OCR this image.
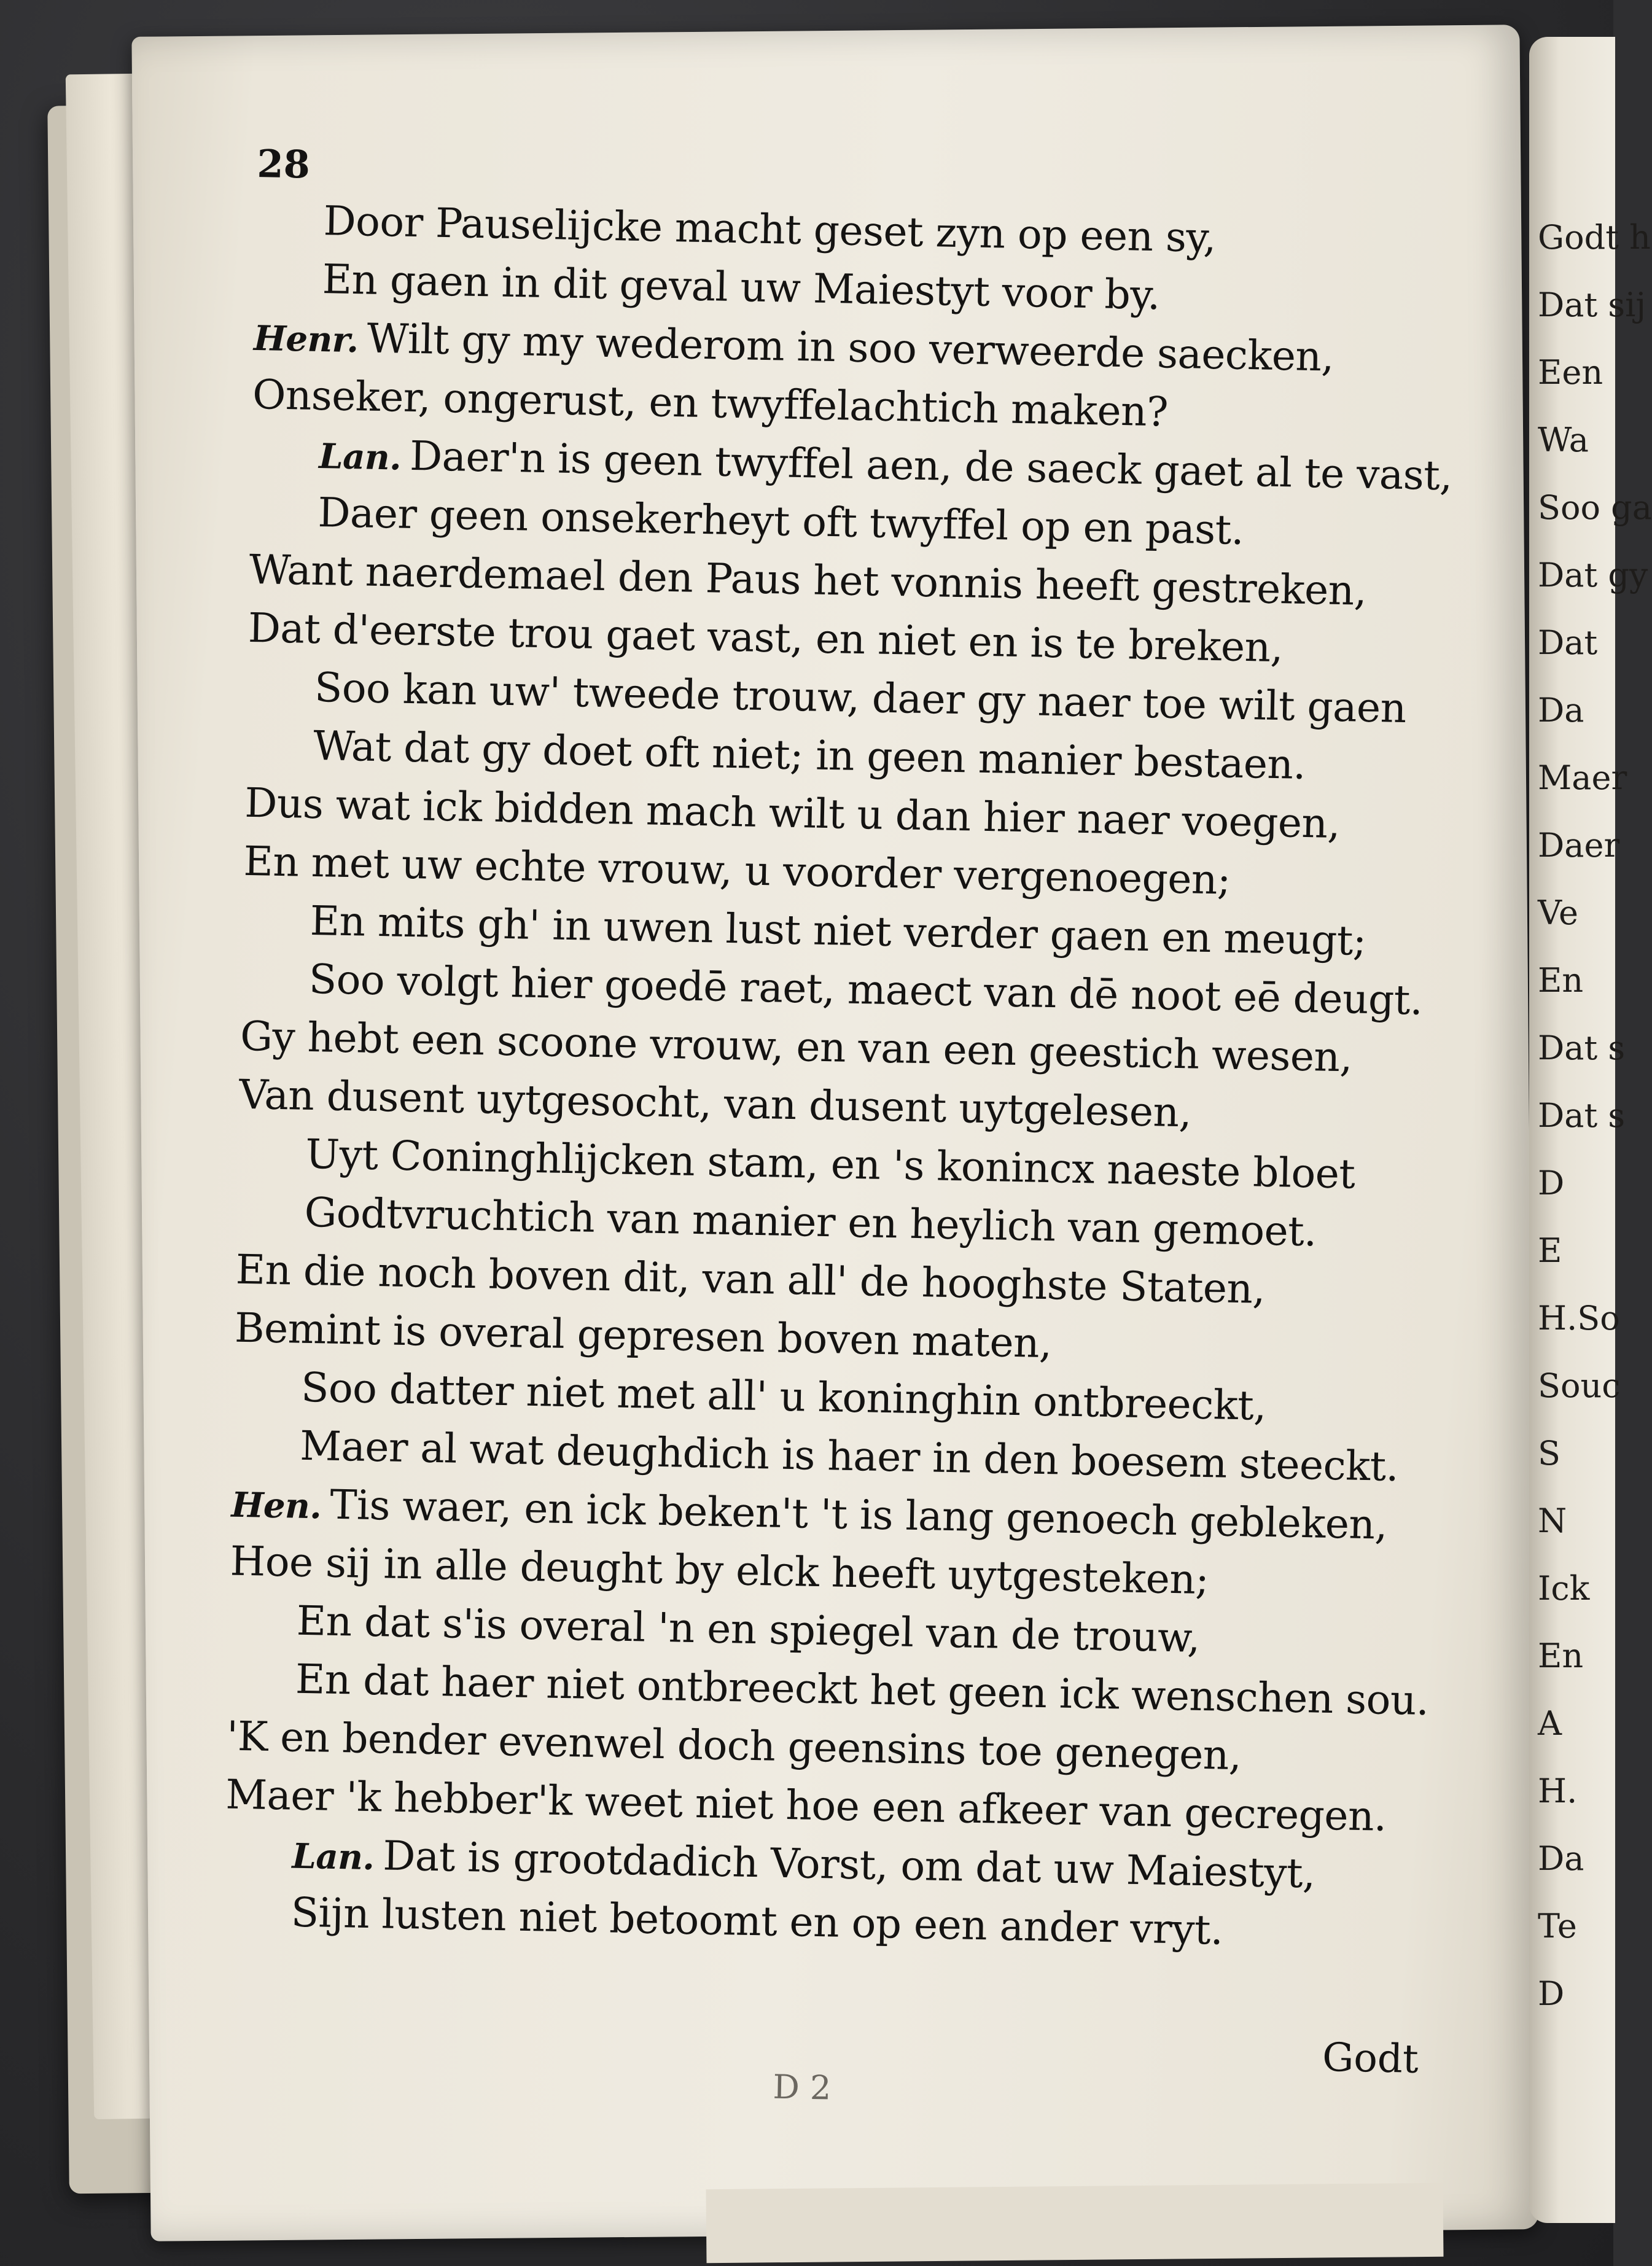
Godt h
Dat sij
Een
Wa
Soo ga
Dat gy
Dat
Da
Maer
Daer
Ve
En
Dat s
Dat s
D
E
H.So
Souc
S
N
Ick
En
A
H.
Da
Te
D
28
Door Pauselijcke macht geset zyn op een sy,
En gaen in dit geval uw Maiestyt voor by.
Henr. Wilt gy my wederom in soo verweerde saecken,
Onseker, ongerust, en twyffelachtich maken?
Lan. Daer'n is geen twyffel aen, de saeck gaet al te vast,
Daer geen onsekerheyt oft twyffel op en past.
Want naerdemael den Paus het vonnis heeft gestreken,
Dat d'eerste trou gaet vast, en niet en is te breken,
Soo kan uw' tweede trouw, daer gy naer toe wilt gaen
Wat dat gy doet oft niet; in geen manier bestaen.
Dus wat ick bidden mach wilt u dan hier naer voegen,
En met uw echte vrouw, u voorder vergenoegen;
En mits gh' in uwen lust niet verder gaen en meugt;
Soo volgt hier goedē raet, maect van dē noot eē deugt.
Gy hebt een scoone vrouw, en van een geestich wesen,
Van dusent uytgesocht, van dusent uytgelesen,
Uyt Coninghlijcken stam, en 's konincx naeste bloet
Godtvruchtich van manier en heylich van gemoet.
En die noch boven dit, van all' de hooghste Staten,
Bemint is overal gepresen boven maten,
Soo datter niet met all' u koninghin ontbreeckt,
Maer al wat deughdich is haer in den boesem steeckt.
Hen. Tis waer, en ick beken't 't is lang genoech gebleken,
Hoe sij in alle deught by elck heeft uytgesteken;
En dat s'is overal 'n en spiegel van de trouw,
En dat haer niet ontbreeckt het geen ick wenschen sou.
'K en bender evenwel doch geensins toe genegen,
Maer 'k hebber'k weet niet hoe een afkeer van gecregen.
Lan. Dat is grootdadich Vorst, om dat uw Maiestyt,
Sijn lusten niet betoomt en op een ander vryt.
Godt
D 2
